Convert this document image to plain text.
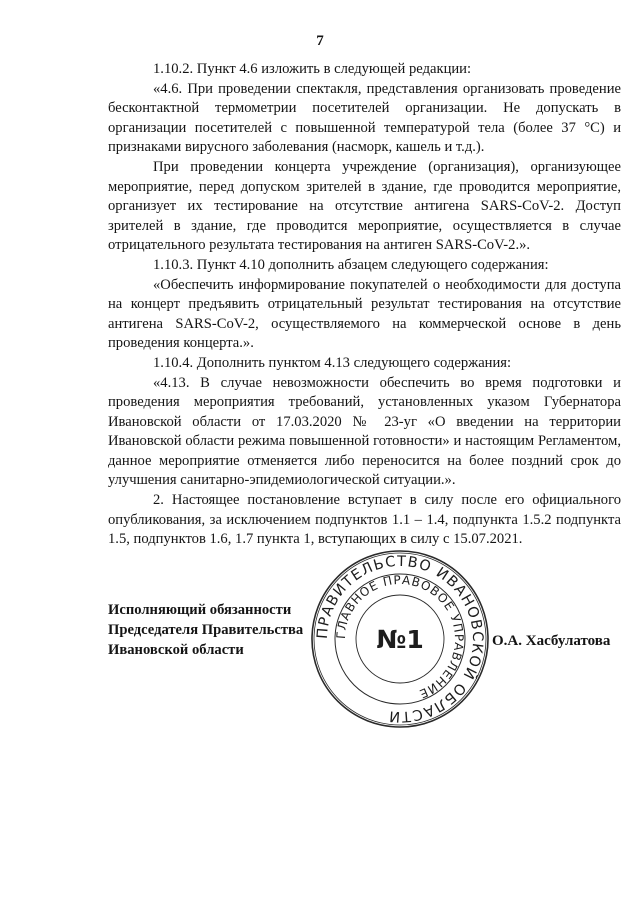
7

1.10.2. Пункт 4.6 изложить в следующей редакции:

«4.6. При проведении спектакля, представления организовать проведение бесконтактной термометрии посетителей организации. Не допускать в организации посетителей с повышенной температурой тела (более 37 °С) и признаками вирусного заболевания (насморк, кашель и т.д.).

При проведении концерта учреждение (организация), организующее мероприятие, перед допуском зрителей в здание, где проводится мероприятие, организует их тестирование на отсутствие антигена SARS-CoV-2. Доступ зрителей в здание, где проводится мероприятие, осуществляется в случае отрицательного результата тестирования на антиген SARS-CoV-2.».

1.10.3. Пункт 4.10 дополнить абзацем следующего содержания:

«Обеспечить информирование покупателей о необходимости для доступа на концерт предъявить отрицательный результат тестирования на отсутствие антигена SARS-CoV-2, осуществляемого на коммерческой основе в день проведения концерта.».

1.10.4. Дополнить пунктом 4.13 следующего содержания:

«4.13. В случае невозможности обеспечить во время подготовки и проведения мероприятия требований, установленных указом Губернатора Ивановской области от 17.03.2020 № 23-уг «О введении на территории Ивановской области режима повышенной готовности» и настоящим Регламентом, данное мероприятие отменяется либо переносится на более поздний срок до улучшения санитарно-эпидемиологической ситуации.».

2. Настоящее постановление вступает в силу после его официального опубликования, за исключением подпунктов 1.1 – 1.4, подпункта 1.5.2 подпункта 1.5, подпунктов 1.6, 1.7 пункта 1, вступающих в силу с 15.07.2021.

Исполняющий обязанности
Председателя Правительства
Ивановской области
О.А. Хасбулатова
ПРАВИТЕЛЬСТВО ИВАНОВСКОЙ ОБЛАСТИ
ГЛАВНОЕ ПРАВОВОЕ УПРАВЛЕНИЕ
№1
